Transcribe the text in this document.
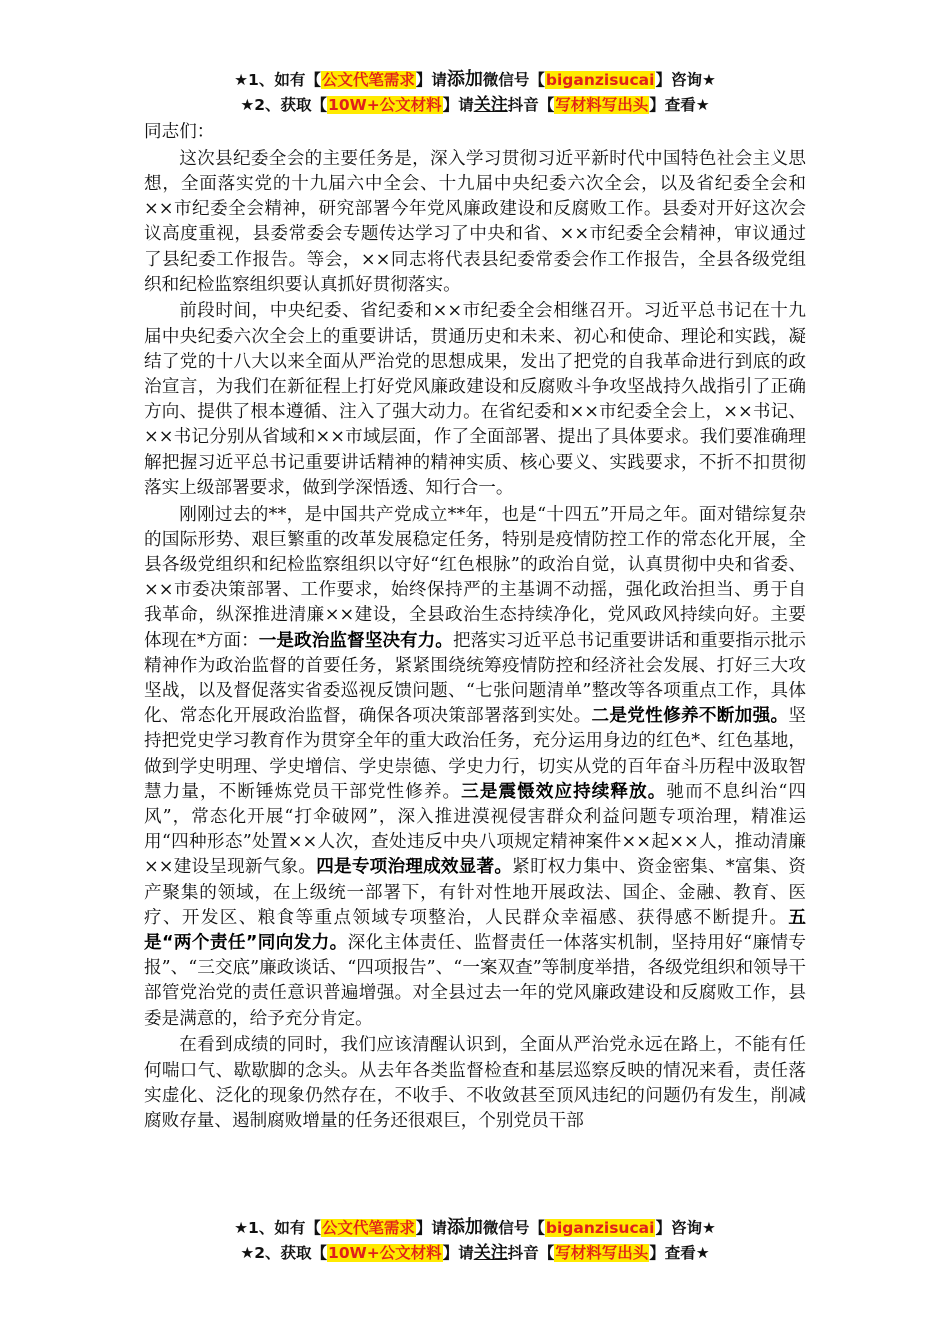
★1、如有【公文代笔需求】请添加微信号【biganzisucai】咨询★
★2、获取【10W+公文材料】请关注抖音【写材料写出头】查看★

同志们：

这次县纪委全会的主要任务是，深入学习贯彻习近平新时代中国特色社会主义思想，全面落实党的十九届六中全会、十九届中央纪委六次全会，以及省纪委全会和××市纪委全会精神，研究部署今年党风廉政建设和反腐败工作。县委对开好这次会议高度重视，县委常委会专题传达学习了中央和省、××市纪委全会精神，审议通过了县纪委工作报告。等会，××同志将代表县纪委常委会作工作报告，全县各级党组织和纪检监察组织要认真抓好贯彻落实。

前段时间，中央纪委、省纪委和××市纪委全会相继召开。习近平总书记在十九届中央纪委六次全会上的重要讲话，贯通历史和未来、初心和使命、理论和实践，凝结了党的十八大以来全面从严治党的思想成果，发出了把党的自我革命进行到底的政治宣言，为我们在新征程上打好党风廉政建设和反腐败斗争攻坚战持久战指引了正确方向、提供了根本遵循、注入了强大动力。在省纪委和××市纪委全会上，××书记、××书记分别从省域和××市域层面，作了全面部署、提出了具体要求。我们要准确理解把握习近平总书记重要讲话精神的精神实质、核心要义、实践要求，不折不扣贯彻落实上级部署要求，做到学深悟透、知行合一。

刚刚过去的**，是中国共产党成立**年，也是“十四五”开局之年。面对错综复杂的国际形势、艰巨繁重的改革发展稳定任务，特别是疫情防控工作的常态化开展，全县各级党组织和纪检监察组织以守好“红色根脉”的政治自觉，认真贯彻中央和省委、××市委决策部署、工作要求，始终保持严的主基调不动摇，强化政治担当、勇于自我革命，纵深推进清廉××建设，全县政治生态持续净化，党风政风持续向好。主要体现在*方面：一是政治监督坚决有力。把落实习近平总书记重要讲话和重要指示批示精神作为政治监督的首要任务，紧紧围绕统筹疫情防控和经济社会发展、打好三大攻坚战，以及督促落实省委巡视反馈问题、“七张问题清单”整改等各项重点工作，具体化、常态化开展政治监督，确保各项决策部署落到实处。二是党性修养不断加强。坚持把党史学习教育作为贯穿全年的重大政治任务，充分运用身边的红色*、红色基地，做到学史明理、学史增信、学史崇德、学史力行，切实从党的百年奋斗历程中汲取智慧力量，不断锤炼党员干部党性修养。三是震慑效应持续释放。驰而不息纠治“四风”，常态化开展“打伞破网”，深入推进漠视侵害群众利益问题专项治理，精准运用“四种形态”处置××人次，查处违反中央八项规定精神案件××起××人，推动清廉××建设呈现新气象。四是专项治理成效显著。紧盯权力集中、资金密集、*富集、资产聚集的领域，在上级统一部署下，有针对性地开展政法、国企、金融、教育、医疗、开发区、粮食等重点领域专项整治，人民群众幸福感、获得感不断提升。五是“两个责任”同向发力。深化主体责任、监督责任一体落实机制，坚持用好“廉情专报”、“三交底”廉政谈话、“四项报告”、“一案双查”等制度举措，各级党组织和领导干部管党治党的责任意识普遍增强。对全县过去一年的党风廉政建设和反腐败工作，县委是满意的，给予充分肯定。

在看到成绩的同时，我们应该清醒认识到，全面从严治党永远在路上，不能有任何喘口气、歇歇脚的念头。从去年各类监督检查和基层巡察反映的情况来看，责任落实虚化、泛化的现象仍然存在，不收手、不收敛甚至顶风违纪的问题仍有发生，削减腐败存量、遏制腐败增量的任务还很艰巨，个别党员干部

★1、如有【公文代笔需求】请添加微信号【biganzisucai】咨询★
★2、获取【10W+公文材料】请关注抖音【写材料写出头】查看★
